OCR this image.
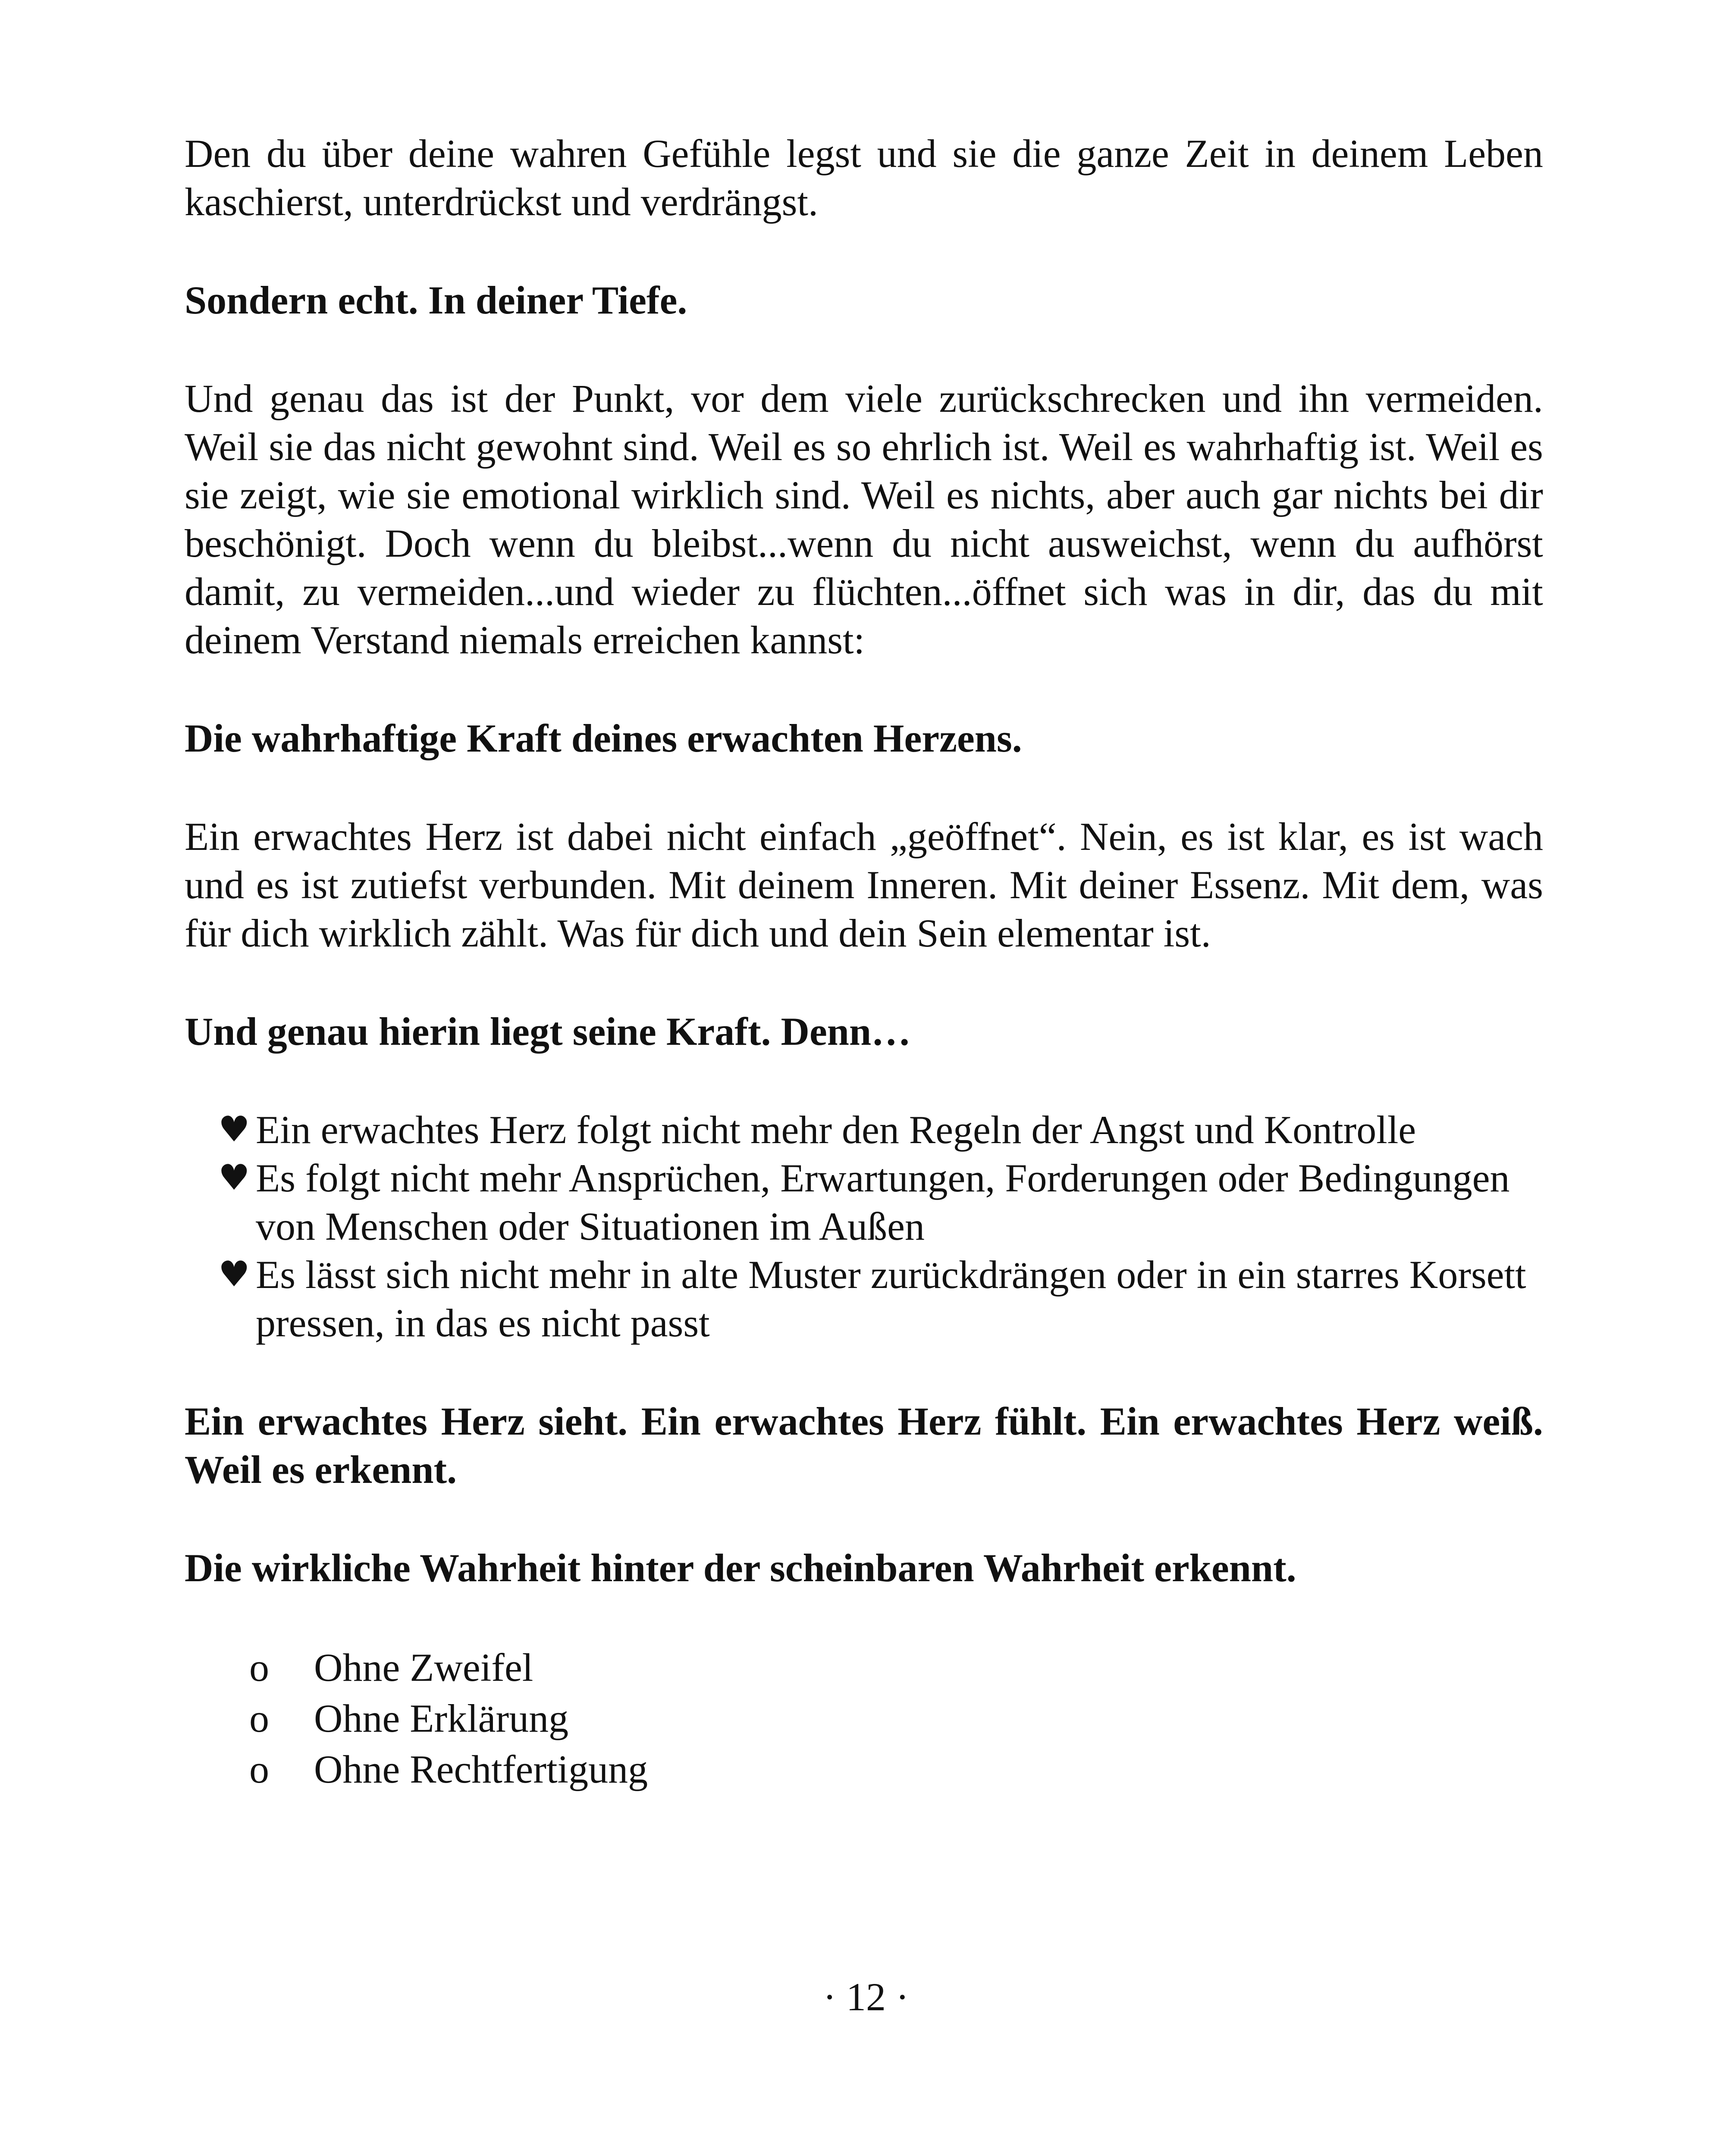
Den du über deine wahren Gefühle legst und sie die ganze Zeit in deinem Leben kaschierst, unterdrückst und verdrängst.

Sondern echt. In deiner Tiefe.

Und genau das ist der Punkt, vor dem viele zurückschrecken und ihn vermeiden. Weil sie das nicht gewohnt sind. Weil es so ehrlich ist. Weil es wahrhaftig ist. Weil es sie zeigt, wie sie emotional wirklich sind. Weil es nichts, aber auch gar nichts bei dir beschönigt. Doch wenn du bleibst...wenn du nicht ausweichst, wenn du aufhörst damit, zu vermeiden...und wieder zu flüchten...öffnet sich was in dir, das du mit deinem Verstand niemals erreichen kannst:

Die wahrhaftige Kraft deines erwachten Herzens.

Ein erwachtes Herz ist dabei nicht einfach „geöffnet“. Nein, es ist klar, es ist wach und es ist zutiefst verbunden. Mit deinem Inneren. Mit deiner Essenz. Mit dem, was für dich wirklich zählt. Was für dich und dein Sein elementar ist.

Und genau hierin liegt seine Kraft. Denn…

♥ Ein erwachtes Herz folgt nicht mehr den Regeln der Angst und Kontrolle
♥ Es folgt nicht mehr Ansprüchen, Erwartungen, Forderungen oder Bedingungen von Menschen oder Situationen im Außen
♥ Es lässt sich nicht mehr in alte Muster zurückdrängen oder in ein starres Korsett pressen, in das es nicht passt

Ein erwachtes Herz sieht. Ein erwachtes Herz fühlt. Ein erwachtes Herz weiß. Weil es erkennt.

Die wirkliche Wahrheit hinter der scheinbaren Wahrheit erkennt.

o Ohne Zweifel
o Ohne Erklärung
o Ohne Rechtfertigung
· 12 ·
